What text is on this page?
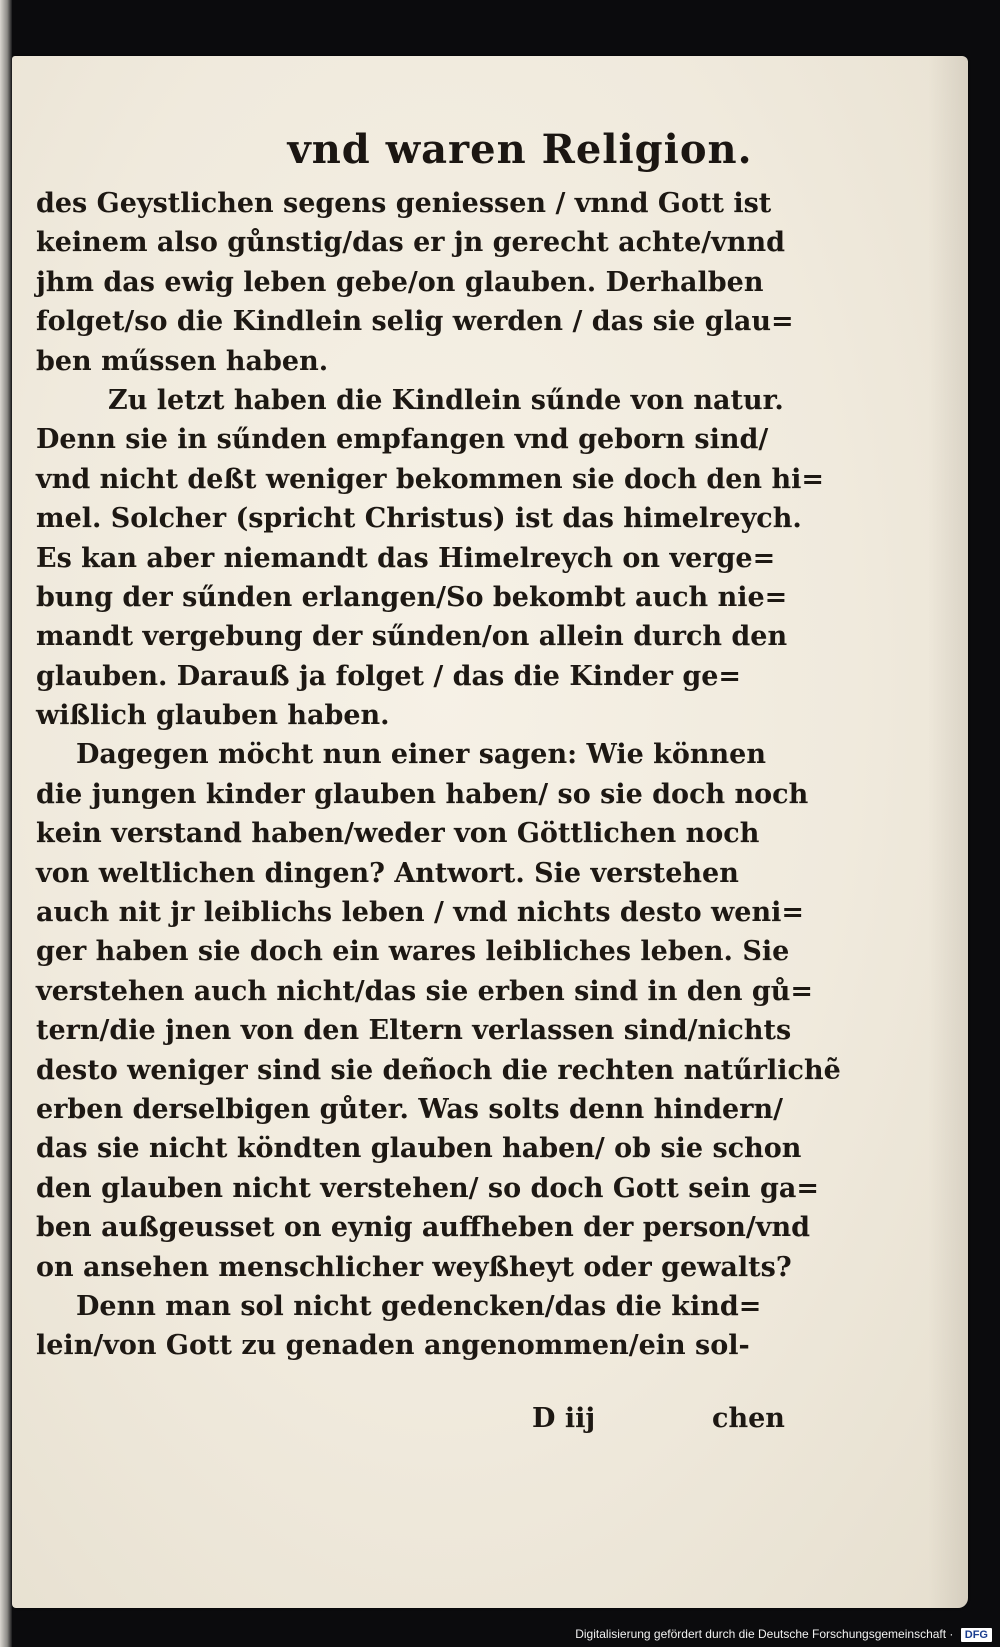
vnd waren Religion.
des Geystlichen segens geniessen / vnnd Gott ist
keinem also gůnstig/das er jn gerecht achte/vnnd
jhm das ewig leben gebe/on glauben. Derhalben
folget/so die Kindlein selig werden / das sie glau=
ben műssen haben.
Zu letzt haben die Kindlein sűnde von natur.
Denn sie in sűnden empfangen vnd geborn sind/
vnd nicht deßt weniger bekommen sie doch den hi=
mel. Solcher (spricht Christus) ist das himelreych.
Es kan aber niemandt das Himelreych on verge=
bung der sűnden erlangen/So bekombt auch nie=
mandt vergebung der sűnden/on allein durch den
glauben. Darauß ja folget / das die Kinder ge=
wißlich glauben haben.
Dagegen möcht nun einer sagen: Wie können
die jungen kinder glauben haben/ so sie doch noch
kein verstand haben/weder von Göttlichen noch
von weltlichen dingen? Antwort. Sie verstehen
auch nit jr leiblichs leben / vnd nichts desto weni=
ger haben sie doch ein wares leibliches leben. Sie
verstehen auch nicht/das sie erben sind in den gů=
tern/die jnen von den Eltern verlassen sind/nichts
desto weniger sind sie deñoch die rechten natűrlichẽ
erben derselbigen gůter. Was solts denn hindern/
das sie nicht köndten glauben haben/ ob sie schon
den glauben nicht verstehen/ so doch Gott sein ga=
ben außgeusset on eynig auffheben der person/vnd
on ansehen menschlicher weyßheyt oder gewalts?
Denn man sol nicht gedencken/das die kind=
lein/von Gott zu genaden angenommen/ein sol-
D iij	chen
Digitalisierung gefördert durch die Deutsche Forschungsgemeinschaft · DFG
